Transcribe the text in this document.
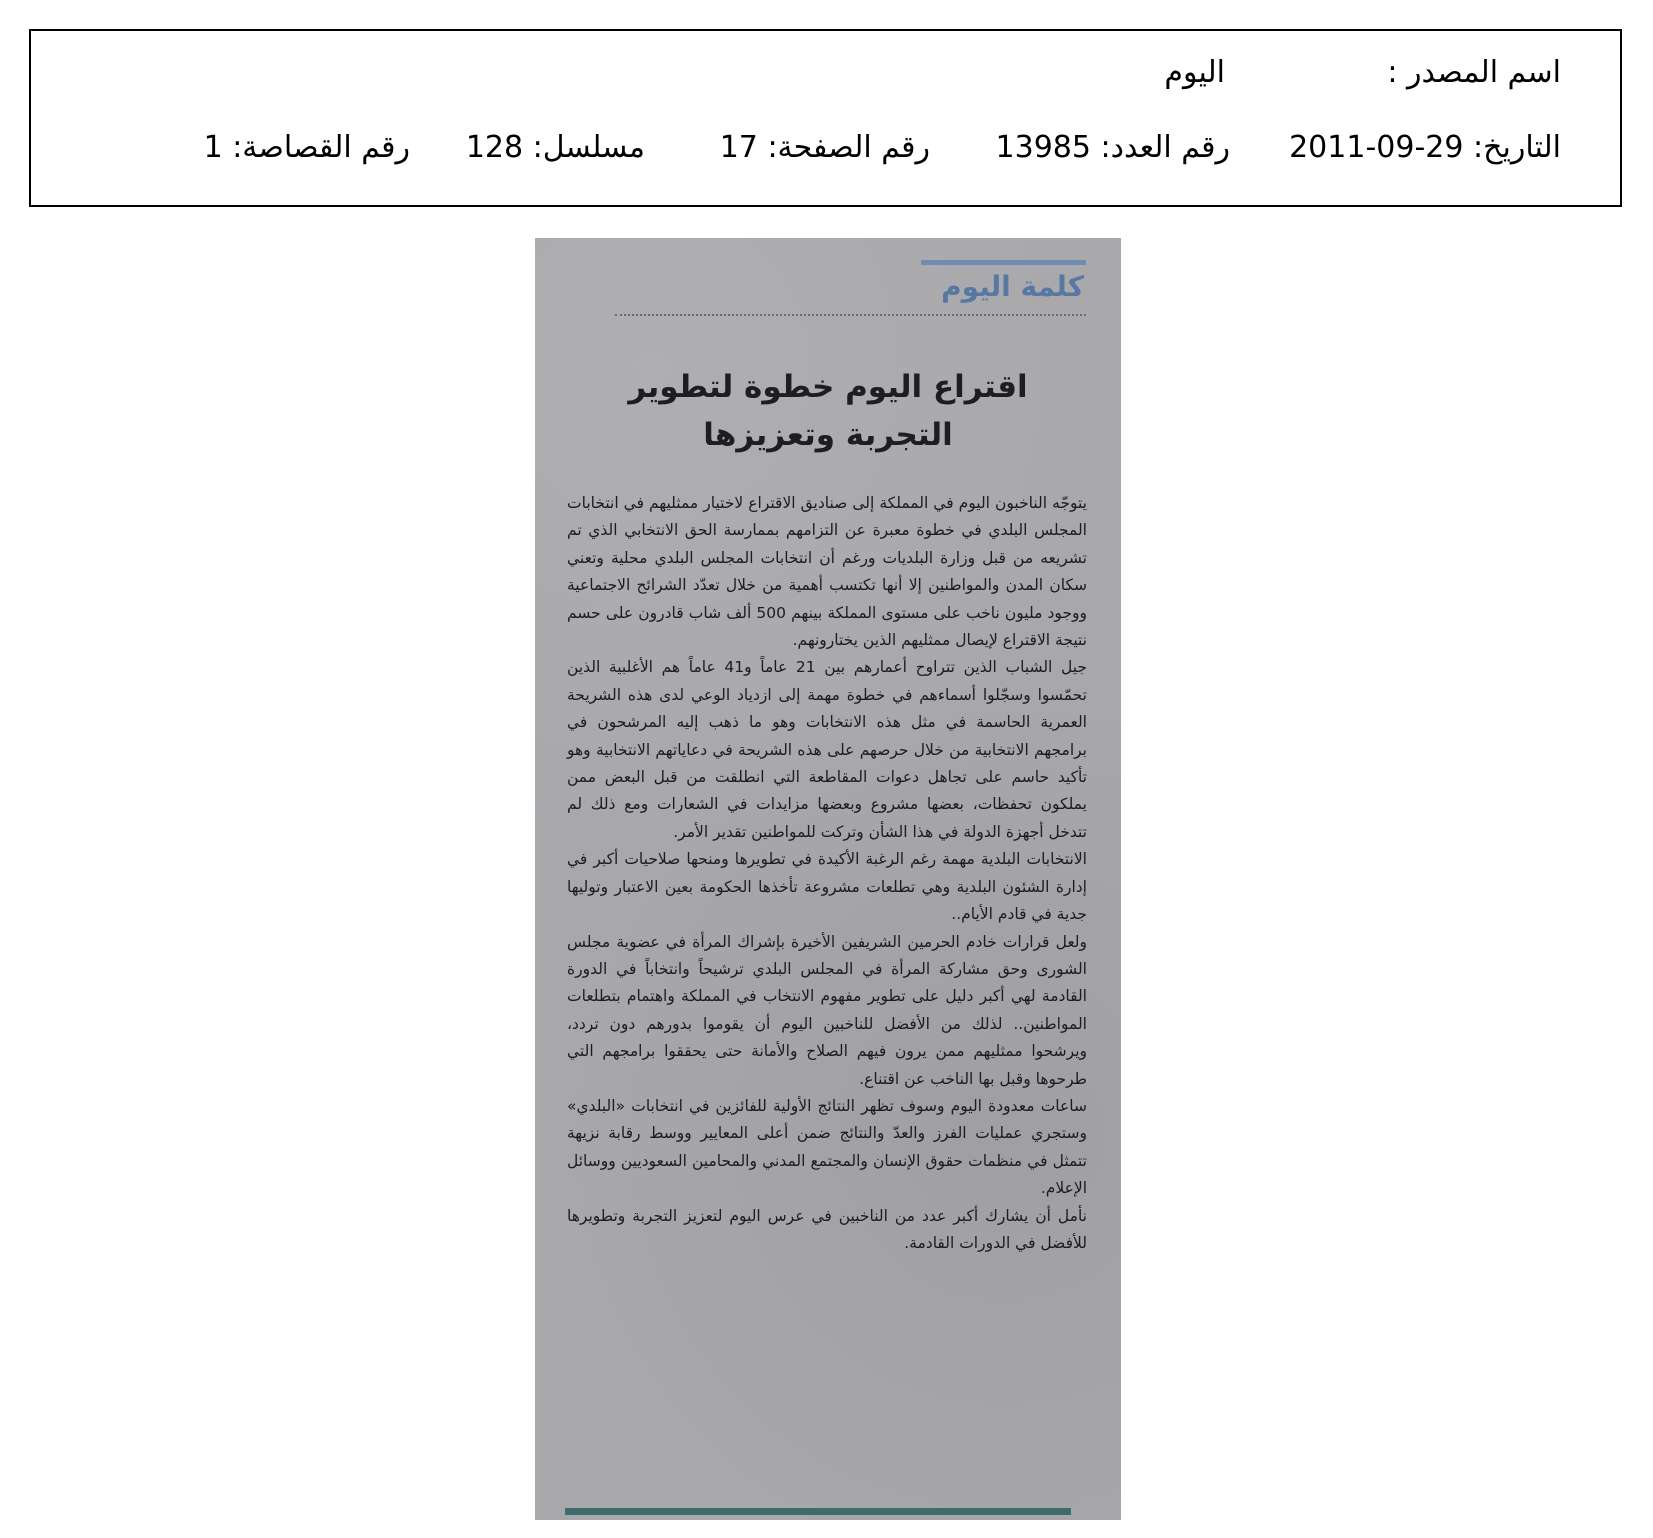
اسم المصدر :
اليوم
التاريخ: 29-09-2011
رقم العدد: 13985
رقم الصفحة: 17
مسلسل: 128
رقم القصاصة: 1
كلمة اليوم
اقتراع اليوم خطوة لتطوير التجربة وتعزيزها

يتوجّه الناخبون اليوم في المملكة إلى صناديق الاقتراع لاختيار ممثليهم في انتخابات المجلس البلدي في خطوة معبرة عن التزامهم بممارسة الحق الانتخابي الذي تم تشريعه من قبل وزارة البلديات ورغم أن انتخابات المجلس البلدي محلية وتعني سكان المدن والمواطنين إلا أنها تكتسب أهمية من خلال تعدّد الشرائح الاجتماعية ووجود مليون ناخب على مستوى المملكة بينهم 500 ألف شاب قادرون على حسم نتيجة الاقتراع لإيصال ممثليهم الذين يختارونهم.

جيل الشباب الذين تتراوح أعمارهم بين 21 عاماً و41 عاماً هم الأغلبية الذين تحمّسوا وسجّلوا أسماءهم في خطوة مهمة إلى ازدياد الوعي لدى هذه الشريحة العمرية الحاسمة في مثل هذه الانتخابات وهو ما ذهب إليه المرشحون في برامجهم الانتخابية من خلال حرصهم على هذه الشريحة في دعاياتهم الانتخابية وهو تأكيد حاسم على تجاهل دعوات المقاطعة التي انطلقت من قبل البعض ممن يملكون تحفظات، بعضها مشروع وبعضها مزايدات في الشعارات ومع ذلك لم تتدخل أجهزة الدولة في هذا الشأن وتركت للمواطنين تقدير الأمر.

الانتخابات البلدية مهمة رغم الرغبة الأكيدة في تطويرها ومنحها صلاحيات أكبر في إدارة الشئون البلدية وهي تطلعات مشروعة تأخذها الحكومة بعين الاعتبار وتوليها جدية في قادم الأيام..

ولعل قرارات خادم الحرمين الشريفين الأخيرة بإشراك المرأة في عضوية مجلس الشورى وحق مشاركة المرأة في المجلس البلدي ترشيحاً وانتخاباً في الدورة القادمة لهي أكبر دليل على تطوير مفهوم الانتخاب في المملكة واهتمام بتطلعات المواطنين.. لذلك من الأفضل للناخبين اليوم أن يقوموا بدورهم دون تردد، ويرشحوا ممثليهم ممن يرون فيهم الصلاح والأمانة حتى يحققوا برامجهم التي طرحوها وقبل بها الناخب عن اقتناع.

ساعات معدودة اليوم وسوف تظهر النتائج الأولية للفائزين في انتخابات «البلدي» وستجري عمليات الفرز والعدّ والنتائج ضمن أعلى المعايير ووسط رقابة نزيهة تتمثل في منظمات حقوق الإنسان والمجتمع المدني والمحامين السعوديين ووسائل الإعلام.

نأمل أن يشارك أكبر عدد من الناخبين في عرس اليوم لتعزيز التجربة وتطويرها للأفضل في الدورات القادمة.
